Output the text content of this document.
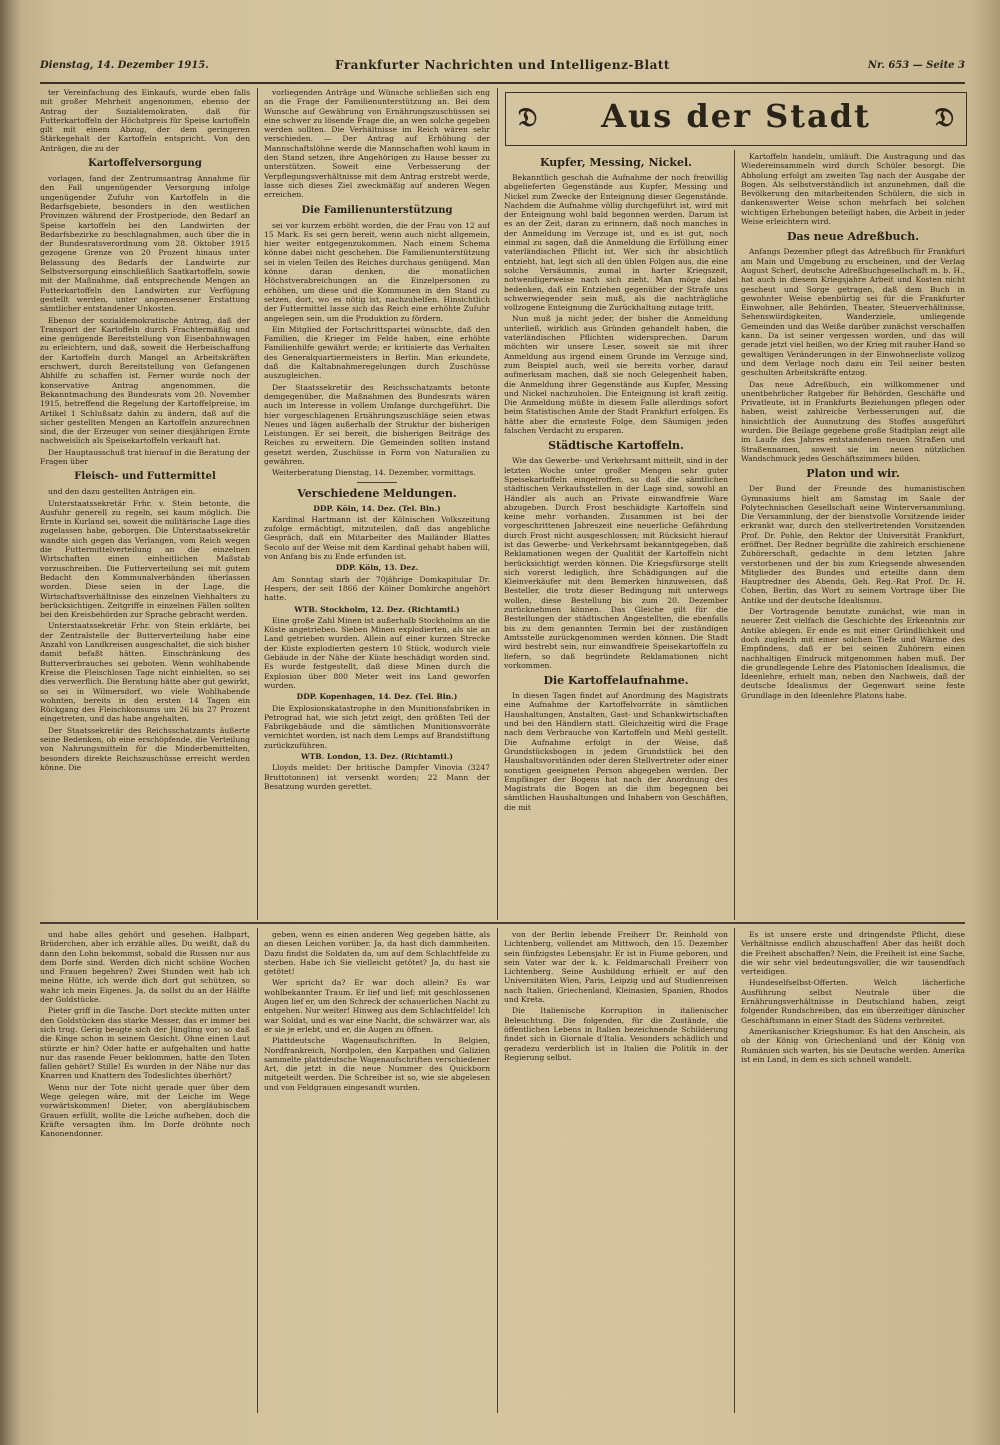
Dienstag, 14. Dezember 1915.	Frankfurter Nachrichten und Intelligenz-Blatt	Nr. 653 — Seite 3
𝔇	Aus der Stadt	𝔇

ter Vereinfachung des Einkaufs, wurde eben falls mit großer Mehrheit angenommen, ebenso der Antrag der Sozialdemokraten, daß für Futterkartoffeln der Höchstpreis für Speise kartoffeln gilt mit einem Abzug, der dem geringeren Stärkegehalt der Kartoffeln entspricht. Von den Anträgen, die zu der

Kartoffelversorgung

vorlagen, fand der Zentrumsantrag Annahme für den Fall ungenügender Versorgung infolge ungenügender Zufuhr von Kartoffeln in die Bedarfsgebiete, besonders in den westlichen Provinzen während der Frostperiode, den Bedarf an Speise kartoffeln bei den Landwirten der Bedarfsbezirke zu beschlagnahmen, auch über die in der Bundesratsverordnung vom 28. Oktober 1915 gezogene Grenze von 20 Prozent hinaus unter Belassung des Bedarfs der Landwirte zur Selbstversorgung einschließlich Saatkartoffeln, sowie mit der Maßnahme, daß entsprechende Mengen an Futterkartoffeln den Landwirten zur Verfügung gestellt werden, unter angemessener Erstattung sämtlicher entstandener Unkosten.

Ebenso der sozialdemokratische Antrag, daß der Transport der Kartoffeln durch Frachtermäßig und eine genügende Bereitstellung von Eisenbahnwagen zu erleichtern, und daß, soweit die Herbeischaffung der Kartoffeln durch Mangel an Arbeitskräften erschwert, durch Bereitstellung von Gefangenen Abhilfe zu schaffen ist. Ferner wurde noch der konservative Antrag angenommen, die Bekanntmachung des Bundesrats vom 20. November 1915, betreffend die Regelung der Kartoffelpreise, im Artikel 1 Schlußsatz dahin zu ändern, daß auf die sicher gestellten Mengen an Kartoffeln anzurechnen sind, die der Erzeuger von seiner diesjährigen Ernte nachweislich als Speisekartoffeln verkauft hat.

Der Hauptausschuß trat hierauf in die Beratung der Fragen über

Fleisch- und Futtermittel

und den dazu gestellten Anträgen ein.

Unterstaatssekretär Frhr. v. Stein betonte, die Ausfuhr generell zu regeln, sei kaum möglich. Die Ernte in Kurland sei, soweit die militärische Lage dies zugelassen habe, geborgen. Die Unterstaatssekretär wandte sich gegen das Verlangen, vom Reich wegen die Futtermittelverteilung an die einzelnen Wirtschaften einen einheitlichen Maßstab vorzuschreiben. Die Futterverteilung sei mit gutem Bedacht den Kommunalverbänden überlassen worden. Diese seien in der Lage, die Wirtschaftsverhältnisse des einzelnen Viehhalters zu berücksichtigen. Zeitgriffe in einzelnen Fällen sollten bei den Kreisbehörden zur Sprache gebracht werden.

Unterstaatssekretär Frhr. von Stein erklärte, bei der Zentralstelle der Butterverteilung habe eine Anzahl von Landkreisen ausgeschaltet, die sich bisher damit befaßt hätten. Einschränkung des Butterverbrauches sei geboten. Wenn wohlhabende Kreise die Fleischlosen Tage nicht einhielten, so sei dies verwerflich. Die Beratung hätte aber gut gewirkt, so sei in Wilmersdorf, wo viele Wohlhabende wohnten, bereits in den ersten 14 Tagen ein Rückgang des Fleischkonsums um 26 bis 27 Prozent eingetreten, und das habe angehalten.

Der Staatssekretär des Reichsschatzamts äußerte seine Bedenken, ob eine erschöpfende, die Verteilung von Nahrungsmitteln für die Minderbemittelten, besonders direkte Reichszuschüsse erreicht werden könne. Die

vorliegenden Anträge und Wünsche schließen sich eng an die Frage der Familienunterstützung an. Bei dem Wunsche auf Gewährung von Ernährungszuschüssen sei eine schwer zu lösende Frage die, an wen solche gegeben werden sollten. Die Verhältnisse im Reich wären sehr verschieden. — Der Antrag auf Erhöhung der Mannschaftslöhne werde die Mannschaften wohl kaum in den Stand setzen, ihre Angehörigen zu Hause besser zu unterstützen. Soweit eine Verbesserung der Verpflegungsverhältnisse mit dem Antrag erstrebt werde, lasse sich dieses Ziel zweckmäßig auf anderen Wegen erreichen.

Die Familienunterstützung

sei vor kurzem erhöht worden, die der Frau von 12 auf 15 Mark. Es sei gern bereit, wenn auch nicht allgemein, hier weiter entgegenzukommen. Nach einem Schema könne dabei nicht geschehen. Die Familienunterstützung sei in vielen Teilen des Reiches durchaus genügend. Man könne daran denken, die monatlichen Höchstverabreichungen an die Einzelpersonen zu erhöhen, um diese und die Kommunen in den Stand zu setzen, dort, wo es nötig ist, nachzuhelfen. Hinsichtlich der Futtermittel lasse sich das Reich eine erhöhte Zufuhr angelegen sein, um die Produktion zu fördern.

Ein Mitglied der Fortschrittspartei wünschte, daß den Familien, die Krieger im Felde haben, eine erhöhte Familienhilfe gewährt werde; er kritisierte das Verhalten des Generalquartiermeisters in Berlin. Man erkundete, daß die Kaltabnahmeregelungen durch Zuschüsse auszugleichen.

Der Staatssekretär des Reichsschatzamts betonte demgegenüber, die Maßnahmen des Bundesrats wären auch im Interesse in vollem Umfange durchgeführt. Die hier vorgeschlagenen Ernährungszuschläge seien etwas Neues und lägen außerhalb der Struktur der bisherigen Leistungen. Er sei bereit, die bisherigen Beiträge des Reiches zu erweitern. Die Gemeinden sollten instand gesetzt werden, Zuschüsse in Form von Naturalien zu gewähren.

Weiterberatung Dienstag, 14. Dezember, vormittags.

Verschiedene Meldungen.

DDP. Köln, 14. Dez. (Tel. Bln.)

Kardinal Hartmann ist der Kölnischen Volkszeitung zufolge ermächtigt, mitzuteilen, daß das angebliche Gespräch, daß ein Mitarbeiter des Mailänder Blattes Secolo auf der Weise mit dem Kardinal gehabt haben will, von Anfang bis zu Ende erfunden ist.

DDP. Köln, 13. Dez.

Am Sonntag starb der 70jährige Domkapitular Dr. Hespers, der seit 1866 der Kölner Domkirche angehört hatte.

WTB. Stockholm, 12. Dez. (Richtamtl.)

Eine große Zahl Minen ist außerhalb Stockholms an die Küste angetrieben. Sieben Minen explodierten, als sie an Land getrieben wurden. Allein auf einer kurzen Strecke der Küste explodierten gestern 10 Stück, wodurch viele Gebäude in der Nähe der Küste beschädigt worden sind. Es wurde festgestellt, daß diese Minen durch die Explosion über 800 Meter weit ins Land geworfen wurden.

DDP. Kopenhagen, 14. Dez. (Tel. Bln.)

Die Explosionskatastrophe in den Munitionsfabriken in Petrograd hat, wie sich jetzt zeigt, den größten Teil der Fabrikgebäude und die sämtlichen Munitionsvorräte vernichtet worden, ist nach dem Lemps auf Brandstiftung zurückzuführen.

WTB. London, 13. Dez. (Richtamtl.)

Lloyds meldet: Der britische Dampfer Vinovia (3247 Bruttotonnen) ist versenkt worden; 22 Mann der Besatzung wurden gerettet.

Kupfer, Messing, Nickel.

Bekanntlich geschah die Aufnahme der noch freiwillig abgelieferten Gegenstände aus Kupfer, Messing und Nickel zum Zwecke der Enteignung dieser Gegenstände. Nachdem die Aufnahme völlig durchgeführt ist, wird mit der Enteignung wohl bald begonnen werden. Darum ist es an der Zeit, daran zu erinnern, daß noch manches in der Anmeldung im Verzuge ist, und es ist gut, noch einmal zu sagen, daß die Anmeldung die Erfüllung einer vaterländischen Pflicht ist. Wer sich ihr absichtlich entzieht, hat, legt sich all den üblen Folgen aus, die eine solche Versäumnis, zumal in harter Kriegszeit, notwendigerweise nach sich zieht. Man möge dabei bedenken, daß ein Entziehen gegenüber der Strafe uns schwerwiegender sein muß, als die nachträgliche vollzogene Enteignung die Zurückhaltung zutage tritt.

Nun muß ja nicht jeder, der bisher die Anmeldung unterließ, wirklich aus Gründen gehandelt haben, die vaterländischen Pflichten widersprechen. Darum möchten wir unsere Leser, soweit sie mit ihrer Anmeldung aus irgend einem Grunde im Verzuge sind, zum Beispiel auch, weil sie bereits vorher, darauf aufmerksam machen, daß sie noch Gelegenheit haben, die Anmeldung ihrer Gegenstände aus Kupfer, Messing und Nickel nachzuholen. Die Enteignung ist kraft zeitig. Die Anmeldung müßte in diesem Falle allerdings sofort beim Statistischen Amte der Stadt Frankfurt erfolgen. Es hätte aber die ernsteste Folge, dem Säumigen jeden falschen Verdacht zu ersparen.

Städtische Kartoffeln.

Wie das Gewerbe- und Verkehrsamt mitteilt, sind in der letzten Woche unter großer Mengen sehr guter Speisekartoffeln eingetroffen, so daß die sämtlichen städtischen Verkaufsstellen in der Lage sind, sowohl an Händler als auch an Private einwandfreie Ware abzugeben. Durch Frost beschädigte Kartoffeln sind keine mehr vorhanden. Zusammen ist bei der vorgeschrittenen Jahreszeit eine neuerliche Gefährdung durch Frost nicht ausgeschlossen; mit Rücksicht hierauf ist das Gewerbe- und Verkehrsamt bekanntgegeben, daß Reklamationen wegen der Qualität der Kartoffeln nicht berücksichtigt werden können. Die Kriegsfürsorge stellt sich vorerst lediglich, ihre Schädigungen auf die Kleinverkäufer mit dem Bemerken hinzuweisen, daß Besteller, die trotz dieser Bedingung mit unterwegs wollen, diese Bestellung bis zum 20. Dezember zurücknehmen können. Das Gleiche gilt für die Bestellungen der städtischen Angestellten, die ebenfalls bis zu dem genannten Termin bei der zuständigen Amtsstelle zurückgenommen werden können. Die Stadt wird bestrebt sein, nur einwandfreie Speisekartoffeln zu liefern, so daß begründete Reklamationen nicht vorkommen.

Die Kartoffelaufnahme.

In diesen Tagen findet auf Anordnung des Magistrats eine Aufnahme der Kartoffelvorräte in sämtlichen Haushaltungen, Anstalten, Gast- und Schankwirtschaften und bei den Händlern statt. Gleichzeitig wird die Frage nach dem Verbrauche von Kartoffeln und Mehl gestellt. Die Aufnahme erfolgt in der Weise, daß Grundstücksbogen in jedem Grundstück bei den Haushaltsvorständen oder deren Stellvertreter oder einer sonstigen geeigneten Person abgegeben werden. Der Empfänger der Bogens hat nach der Anordnung des Magistrats die Bogen an die ihm begegnen bei sämtlichen Haushaltungen und Inhabern von Geschäften, die mit

Kartoffeln handeln, umläuft. Die Austragung und das Wiedereinsammeln wird durch Schüler besorgt. Die Abholung erfolgt am zweiten Tag nach der Ausgabe der Bogen. Als selbstverständlich ist anzunehmen, daß die Bevölkerung den mitarbeitenden Schülern, die sich in dankenswerter Weise schon mehrfach bei solchen wichtigen Erhebungen beteiligt haben, die Arbeit in jeder Weise erleichtern wird.

Das neue Adreßbuch.

Anfangs Dezember pflegt das Adreßbuch für Frankfurt am Main und Umgebung zu erscheinen, und der Verlag August Scherl, deutsche Adreßbuchgesellschaft m. b. H., hat auch in diesem Kriegsjahre Arbeit und Kosten nicht gescheut und Sorge getragen, daß dem Buch in gewohnter Weise ebenbürtig sei für die Frankfurter Einwohner, alle Behörden, Theater, Steuerverhältnisse, Sehenswürdigkeiten, Wanderziele, umliegende Gemeinden und das Weiße darüber zunächst verschaffen kann. Da ist seiner vergessen worden, und das will gerade jetzt viel heißen, wo der Krieg mit rauher Hand so gewaltigen Veränderungen in der Einwohnerliste vollzog und dem Verlage noch dazu ein Teil seiner besten geschulten Arbeitskräfte entzog.

Das neue Adreßbuch, ein willkommener und unentbehrlicher Ratgeber für Behörden, Geschäfte und Privatleute, ist in Frankfurts Beziehungen pflegen oder haben, weist zahlreiche Verbesserungen auf, die hinsichtlich der Ausnutzung des Stoffes ausgeführt wurden. Die Beilage gegebene große Stadtplan zeigt alle im Laufe des Jahres entstandenen neuen Straßen und Straßennamen, soweit sie im neuen nützlichen Wandschmuck jedes Geschäftszimmers bilden.

Platon und wir.

Der Bund der Freunde des humanistischen Gymnasiums hielt am Samstag im Saale der Polytechnischen Gesellschaft seine Winterversammlung. Die Versammlung, der der bienstvolle Vorsitzende leider erkrankt war, durch den stellvertretenden Vorsitzenden Prof. Dr. Pohle, den Rektor der Universität Frankfurt, eröffnet. Der Redner begrüßte die zahlreich erschienene Zuhörerschaft, gedachte in dem letzten Jahre verstorbenen und der bis zum Kriegsende abwesenden Mitglieder des Bundes und erteilte dann dem Hauptredner des Abends, Geh. Reg.-Rat Prof. Dr. H. Cohen, Berlin, das Wort zu seinem Vortrage über Die Antike und der deutsche Idealismus.

Der Vortragende benutzte zunächst, wie man in neuerer Zeit vielfach die Geschichte des Erkenntnis zur Antike ablegen. Er ende es mit einer Gründlichkeit und doch zugleich mit einer solchen Tiefe und Wärme des Empfindens, daß er bei seinen Zuhörern einen nachhaltigen Eindruck mitgenommen haben muß. Der die grundlegende Lehre des Platonischen Idealismus, die Ideenlehre, erhielt man, neben den Nachweis, daß der deutsche Idealismus der Gegenwart seine feste Grundlage in den Ideenlehre Platons habe.

und habe alles gehört und gesehen. Halbpart, Brüderchen, aber ich erzähle alles. Du weißt, daß du dann den Lohn bekommst, sobald die Russen nur aus dem Dorfe sind. Werden dich nicht schöne Wochen und Frauen begehren? Zwei Stunden weit hab ich meine Hütte, ich werde dich dort gut schützen, so wahr ich mein Eigenes. Ja, da sollst du an der Hälfte der Goldstücke.

Pieter griff in die Tasche. Dort steckte mitten unter den Goldstücken das starke Messer, das er immer bei sich trug. Gerig beugte sich der Jüngling vor; so daß die Kinge schon in seinem Gesicht. Ohne einen Laut stürzte er hin? Oder hatte er aufgehalten und hatte nur das rasende Feuer beklommen, hatte den Toten fallen gehört? Stille! Es wurden in der Nähe nur das Knarren und Knattern des Todeslichtes überhört?

Wenn nur der Tote nicht gerade quer über dem Wege gelegen wäre, mit der Leiche im Wege vorwärtskommen! Dieter, von abergläubischem Grauen erfüllt, wollte die Leiche aufheben, doch die Kräfte versagten ihm. Im Dorfe dröhnte noch Kanonendonner.

geben, wenn es einen anderen Weg gegeben hätte, als an diesen Leichen vorüber. Ja, da hast dich dammheiten. Dazu findst die Soldaten da, um auf dem Schlachtfelde zu sterben. Habe ich Sie vielleicht getötet? Ja, du hast sie getötet!

Wer spricht da? Er war doch allein? Es war wohlbekannter Traum. Er lief und lief; mit geschlossenen Augen lief er, um den Schreck der schauerlichen Nacht zu entgehen. Nur weiter! Hinweg aus dem Schlachtfelde! Ich war Soldat, und es war eine Nacht, die schwärzer war, als er sie je erlebt, und er, die Augen zu öffnen.

Plattdeutsche Wagenaufschriften. In Belgien, Nordfrankreich, Nordpolen, den Karpathen und Galizien sammelte plattdeutsche Wagenaufschriften verschiedener Art, die jetzt in die neue Nummer des Quickborn mitgeteilt werden. Die Schreiber ist so, wie sie abgelesen und von Feldgrauen eingesandt wurden.

von der Berlin lebende Freiherr Dr. Reinhold von Lichtenberg, vollendet am Mittwoch, den 15. Dezember sein fünfzigstes Lebensjahr. Er ist in Fiume geboren, und sein Vater war der k. k. Feldmarschall Freiherr von Lichtenberg. Seine Ausbildung erhielt er auf den Universitäten Wien, Paris, Leipzig und auf Studienreisen nach Italien, Griechenland, Kleinasien, Spanien, Rhodos und Kreta.

Die Italienische Korruption in italienischer Beleuchtung. Die folgenden, für die Zustände, die öffentlichen Lebens in Italien bezeichnende Schilderung findet sich in Giornale d'Italia. Vesonders schädlich und geradezu verderblich ist in Italien die Politik in der Regierung selbst.

Es ist unsere erste und dringendste Pflicht, diese Verhältnisse endlich abzuschaffen! Aber das heißt doch die Freiheit abschaffen? Nein, die Freiheit ist eine Sache, die wir sehr viel bedeutungsvoller, die wir tausendfach verteidigen.

Hundeselfselbst-Offerten. Welch lächerliche Ausführung selbst Neutrale über die Ernährungsverhältnisse in Deutschland haben, zeigt folgender Rundschreiben, das ein überzeitiger dänischer Geschäftsmann in einer Stadt des Südens verbreitet.

Amerikanischer Kriegshumor. Es hat den Anschein, als ob der König von Griechenland und der König von Rumänien sich warten, bis sie Deutsche werden. Amerika ist ein Land, in dem es sich schnell wandelt.
